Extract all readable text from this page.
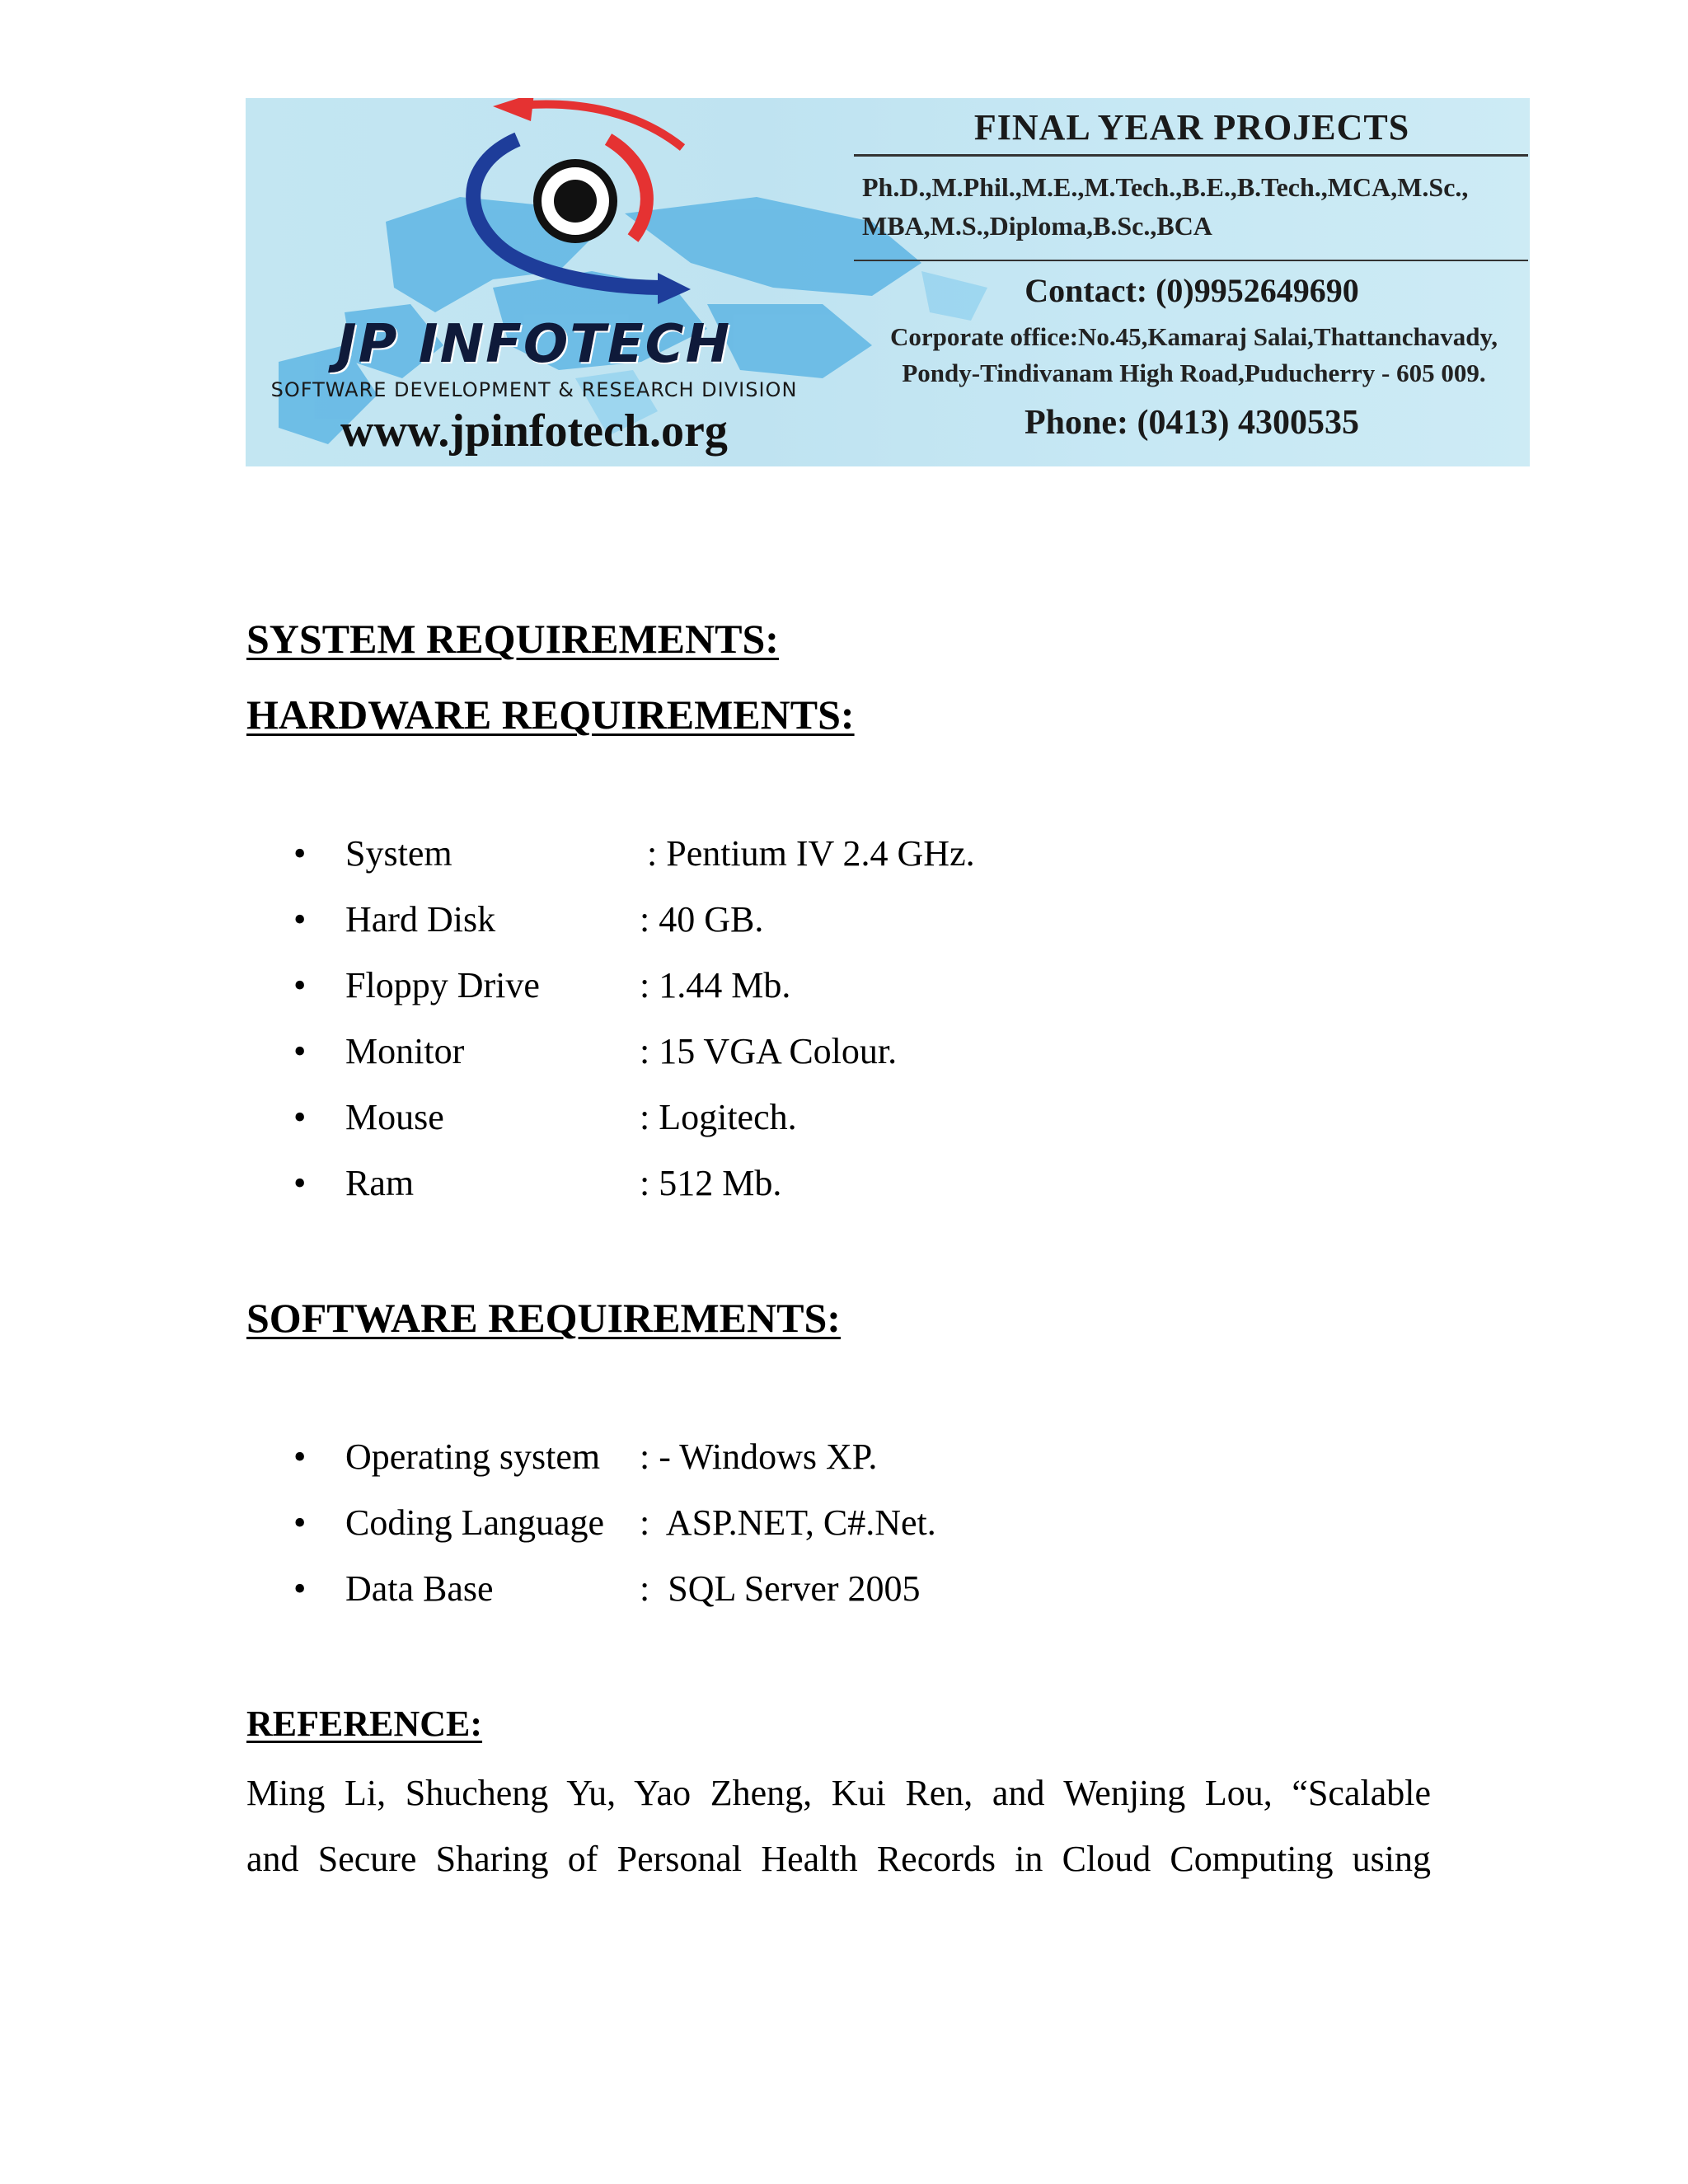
JP INFOTECH
SOFTWARE DEVELOPMENT & RESEARCH DIVISION
www.jpinfotech.org
FINAL YEAR PROJECTS
Ph.D.,M.Phil.,M.E.,M.Tech.,B.E.,B.Tech.,MCA,M.Sc.,
MBA,M.S.,Diploma,B.Sc.,BCA
Contact: (0)9952649690
Corporate office:No.45,Kamaraj Salai,Thattanchavady,
Pondy-Tindivanam High Road,Puducherry - 605 009.
Phone: (0413) 4300535
SYSTEM REQUIREMENTS:
HARDWARE REQUIREMENTS:
• System	: Pentium IV 2.4 GHz.
• Hard Disk	: 40 GB.
• Floppy Drive	: 1.44 Mb.
• Monitor	: 15 VGA Colour.
• Mouse	: Logitech.
• Ram	: 512 Mb.
SOFTWARE REQUIREMENTS:
• Operating system : - Windows XP.
• Coding Language :  ASP.NET, C#.Net.
• Data Base	:  SQL Server 2005
REFERENCE:
Ming Li, Shucheng Yu, Yao Zheng, Kui Ren, and Wenjing Lou, “Scalable
and Secure Sharing of Personal Health Records in Cloud Computing using
